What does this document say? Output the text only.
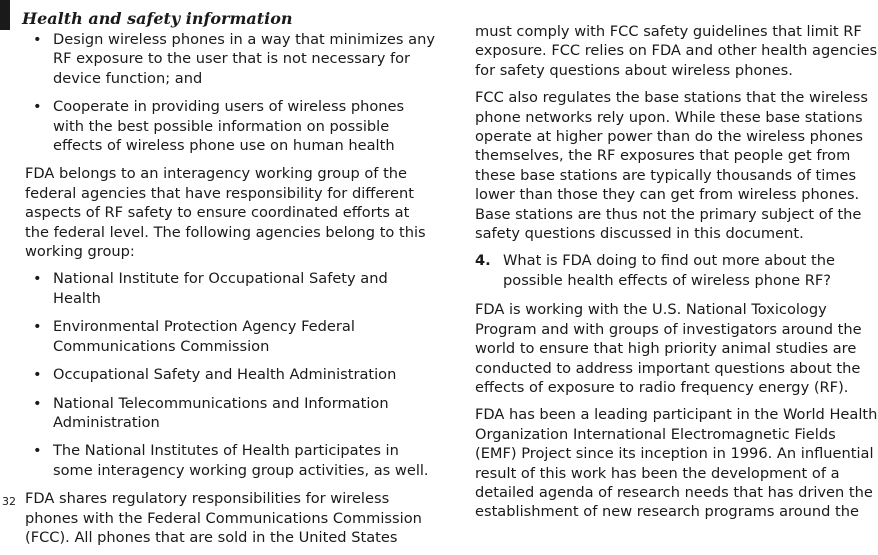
Health and safety information
• Design wireless phones in a way that minimizes any RF exposure to the user that is not necessary for device function; and
• Cooperate in providing users of wireless phones with the best possible information on possible effects of wireless phone use on human health

FDA belongs to an interagency working group of the federal agencies that have responsibility for different aspects of RF safety to ensure coordinated efforts at the federal level. The following agencies belong to this working group:

• National Institute for Occupational Safety and Health
• Environmental Protection Agency Federal Communications Commission
• Occupational Safety and Health Administration
• National Telecommunications and Information Administration
• The National Institutes of Health participates in some interagency working group activities, as well.

FDA shares regulatory responsibilities for wireless phones with the Federal Communications Commission (FCC). All phones that are sold in the United States

must comply with FCC safety guidelines that limit RF exposure. FCC relies on FDA and other health agencies for safety questions about wireless phones.

FCC also regulates the base stations that the wireless phone networks rely upon. While these base stations operate at higher power than do the wireless phones themselves, the RF exposures that people get from these base stations are typically thousands of times lower than those they can get from wireless phones. Base stations are thus not the primary subject of the safety questions discussed in this document.

4. What is FDA doing to find out more about the possible health effects of wireless phone RF?

FDA is working with the U.S. National Toxicology Program and with groups of investigators around the world to ensure that high priority animal studies are conducted to address important questions about the effects of exposure to radio frequency energy (RF).

FDA has been a leading participant in the World Health Organization International Electromagnetic Fields (EMF) Project since its inception in 1996. An influential result of this work has been the development of a detailed agenda of research needs that has driven the establishment of new research programs around the

32
